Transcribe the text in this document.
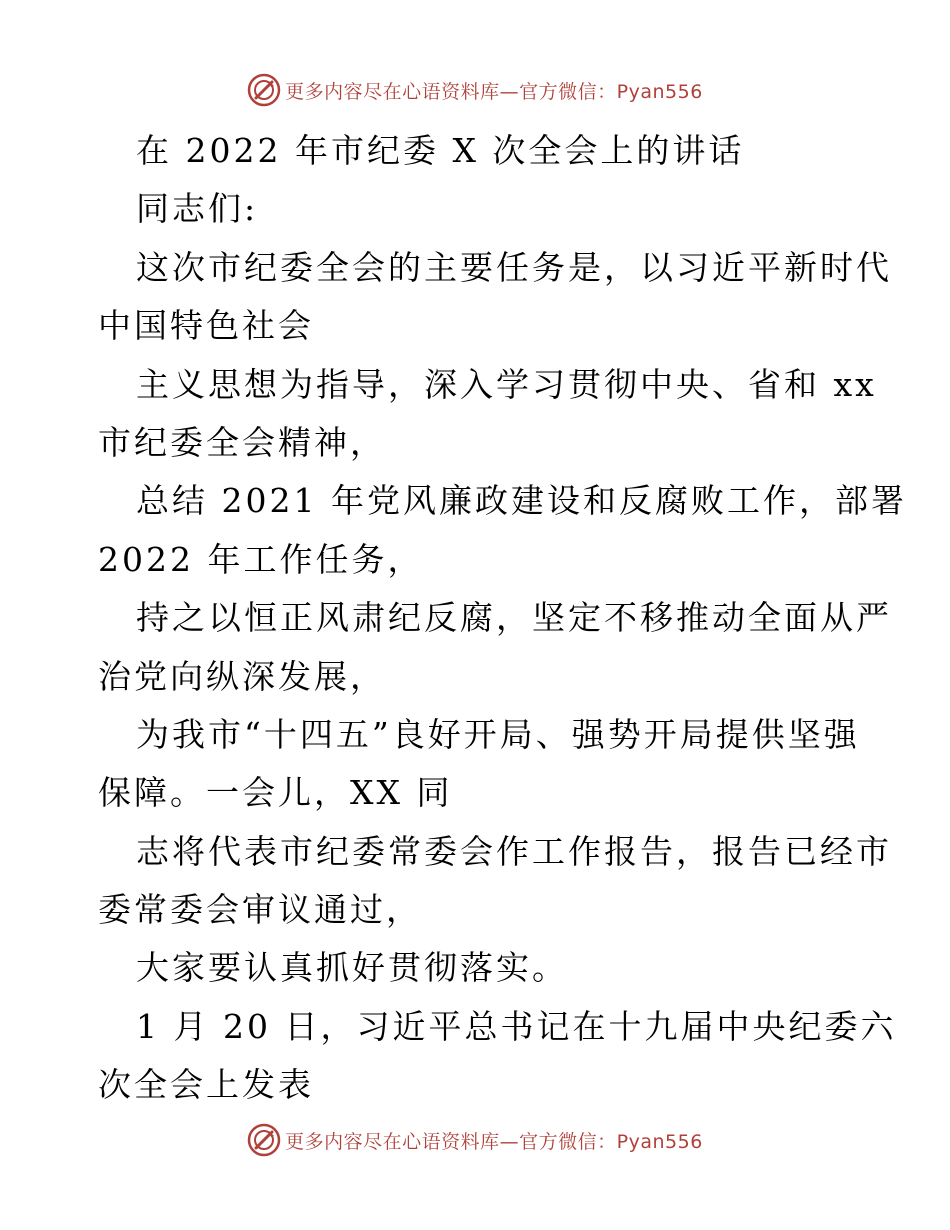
更多内容尽在心语资料库—官方微信：Pyan556
在 2022 年市纪委 X 次全会上的讲话
同志们:
这次市纪委全会的主要任务是，以习近平新时代
中国特色社会
主义思想为指导，深入学习贯彻中央、省和 xx
市纪委全会精神，
总结 2021 年党风廉政建设和反腐败工作，部署
2022 年工作任务，
持之以恒正风肃纪反腐，坚定不移推动全面从严
治党向纵深发展，
为我市“十四五”良好开局、强势开局提供坚强
保障。一会儿，XX 同
志将代表市纪委常委会作工作报告，报告已经市
委常委会审议通过，
大家要认真抓好贯彻落实。
1 月 20 日，习近平总书记在十九届中央纪委六
次全会上发表
更多内容尽在心语资料库—官方微信：Pyan556
